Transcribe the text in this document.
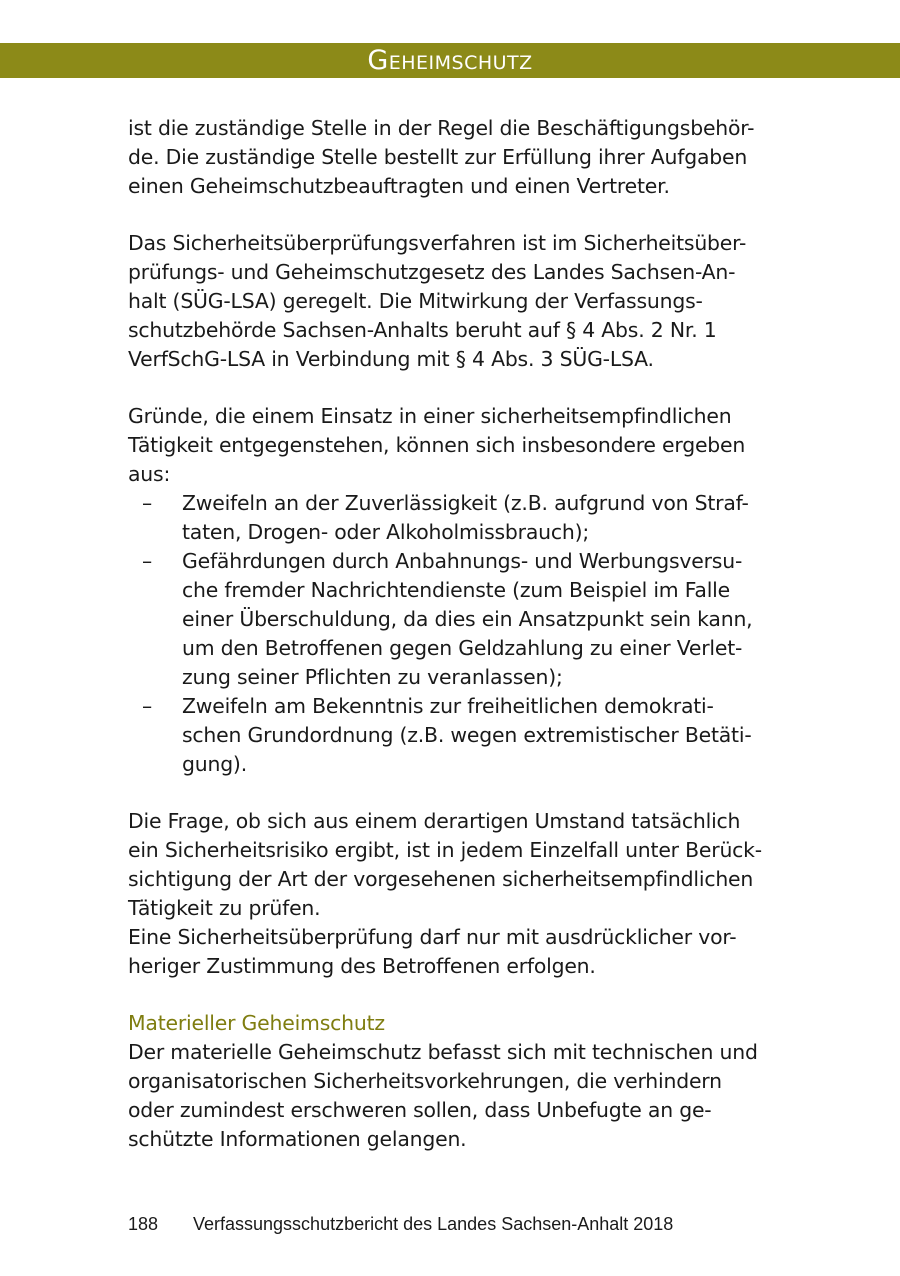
Geheimschutz

ist die zuständige Stelle in der Regel die Beschäftigungsbehör-
de. Die zuständige Stelle bestellt zur Erfüllung ihrer Aufgaben
einen Geheimschutzbeauftragten und einen Vertreter.

Das Sicherheitsüberprüfungsverfahren ist im Sicherheitsüber-
prüfungs- und Geheimschutzgesetz des Landes Sachsen-An-
halt (SÜG-LSA) geregelt. Die Mitwirkung der Verfassungs-
schutzbehörde Sachsen-Anhalts beruht auf § 4 Abs. 2 Nr. 1
VerfSchG-LSA in Verbindung mit § 4 Abs. 3 SÜG-LSA.

Gründe, die einem Einsatz in einer sicherheitsempfindlichen
Tätigkeit entgegenstehen, können sich insbesondere ergeben
aus:
– Zweifeln an der Zuverlässigkeit (z.B. aufgrund von Straf-
taten, Drogen- oder Alkoholmissbrauch);
– Gefährdungen durch Anbahnungs- und Werbungsversu-
che fremder Nachrichtendienste (zum Beispiel im Falle
einer Überschuldung, da dies ein Ansatzpunkt sein kann,
um den Betroffenen gegen Geldzahlung zu einer Verlet-
zung seiner Pflichten zu veranlassen);
– Zweifeln am Bekenntnis zur freiheitlichen demokrati-
schen Grundordnung (z.B. wegen extremistischer Betäti-
gung).

Die Frage, ob sich aus einem derartigen Umstand tatsächlich
ein Sicherheitsrisiko ergibt, ist in jedem Einzelfall unter Berück-
sichtigung der Art der vorgesehenen sicherheitsempfindlichen
Tätigkeit zu prüfen.
Eine Sicherheitsüberprüfung darf nur mit ausdrücklicher vor-
heriger Zustimmung des Betroffenen erfolgen.

Materieller Geheimschutz

Der materielle Geheimschutz befasst sich mit technischen und
organisatorischen Sicherheitsvorkehrungen, die verhindern
oder zumindest erschweren sollen, dass Unbefugte an ge-
schützte Informationen gelangen.

188 Verfassungsschutzbericht des Landes Sachsen-Anhalt 2018
